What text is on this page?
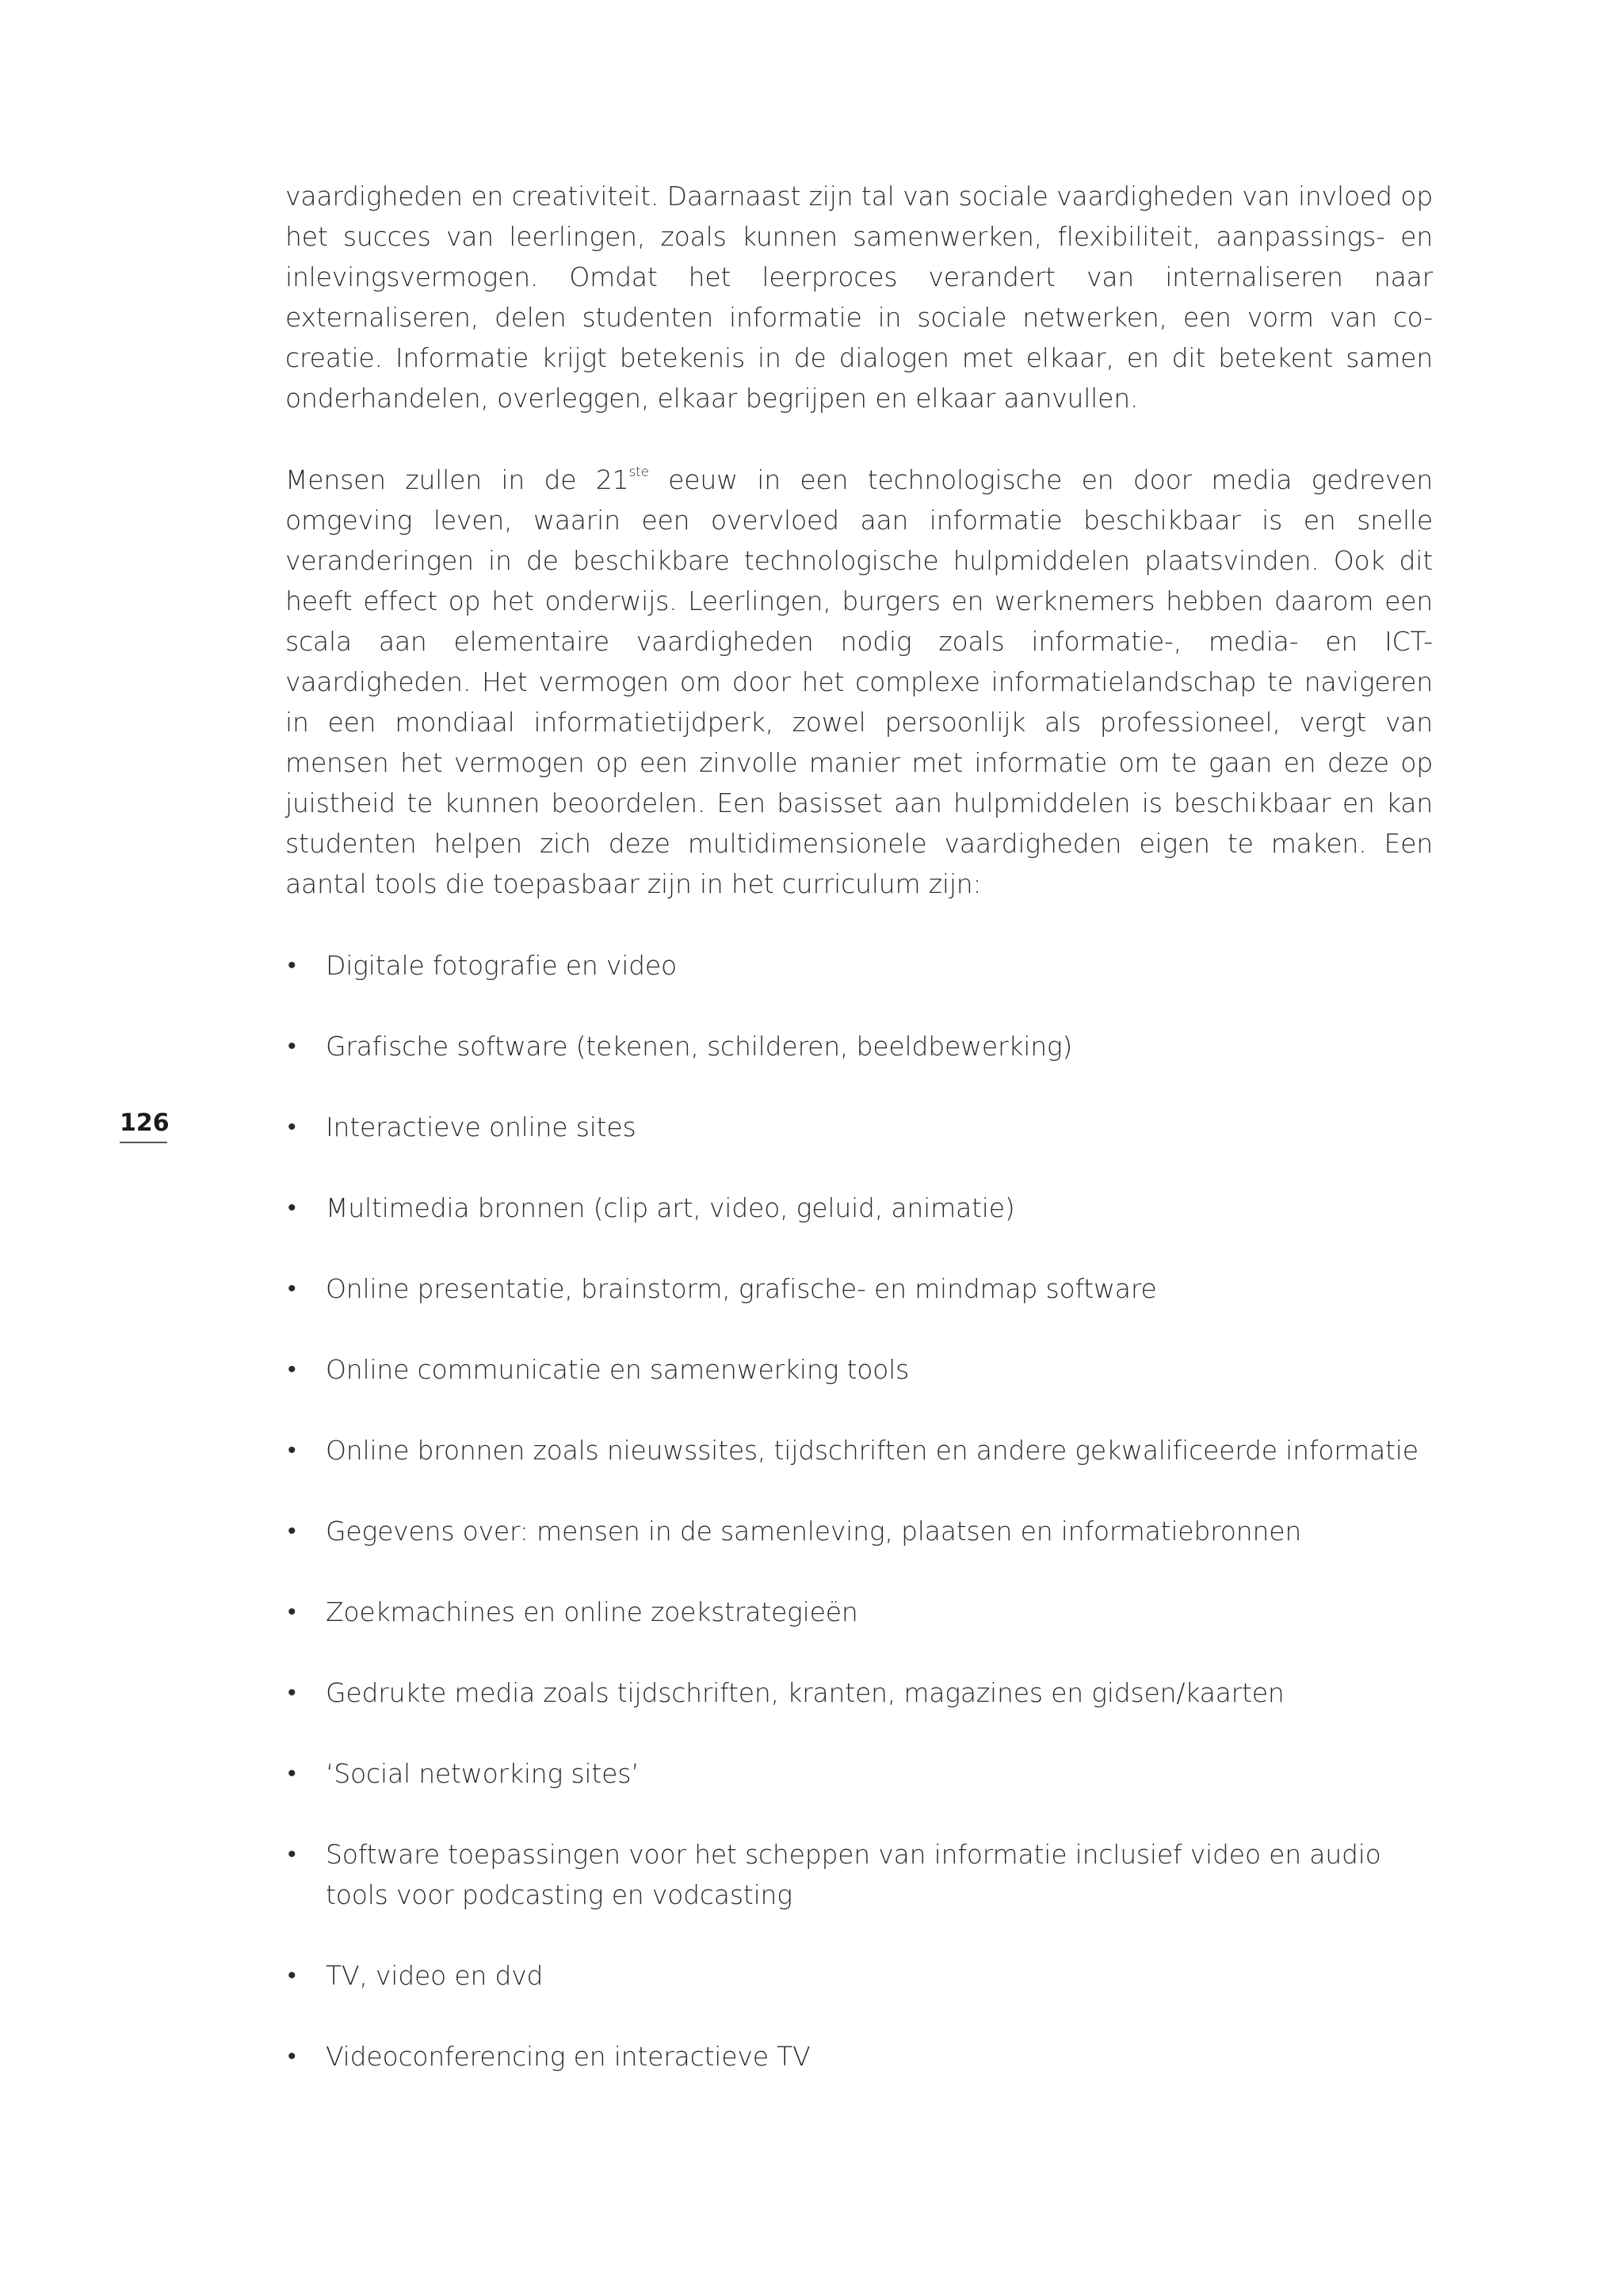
126

vaardigheden en creativiteit. Daarnaast zijn tal van sociale vaardigheden van invloed op het succes van leerlingen, zoals kunnen samenwerken, flexibiliteit, aanpassings- en inlevingsvermogen. Omdat het leerproces verandert van internaliseren naar externaliseren, delen studenten informatie in sociale netwerken, een vorm van co-creatie. Informatie krijgt betekenis in de dialogen met elkaar, en dit betekent samen onderhandelen, overleggen, elkaar begrijpen en elkaar aanvullen.

Mensen zullen in de 21ste eeuw in een technologische en door media gedreven omgeving leven, waarin een overvloed aan informatie beschikbaar is en snelle veranderingen in de beschikbare technologische hulpmiddelen plaatsvinden. Ook dit heeft effect op het onderwijs. Leerlingen, burgers en werknemers hebben daarom een scala aan elementaire vaardigheden nodig zoals informatie-, media- en ICT-vaardigheden. Het vermogen om door het complexe informatielandschap te navigeren in een mondiaal informatietijdperk, zowel persoonlijk als professioneel, vergt van mensen het vermogen op een zinvolle manier met informatie om te gaan en deze op juistheid te kunnen beoordelen. Een basisset aan hulpmiddelen is beschikbaar en kan studenten helpen zich deze multidimensionele vaardigheden eigen te maken. Een aantal tools die toepasbaar zijn in het curriculum zijn:

• Digitale fotografie en video
• Grafische software (tekenen, schilderen, beeldbewerking)
• Interactieve online sites
• Multimedia bronnen (clip art, video, geluid, animatie)
• Online presentatie, brainstorm, grafische- en mindmap software
• Online communicatie en samenwerking tools
• Online bronnen zoals nieuwssites, tijdschriften en andere gekwalificeerde informatie
• Gegevens over: mensen in de samenleving, plaatsen en informatiebronnen
• Zoekmachines en online zoekstrategieën
• Gedrukte media zoals tijdschriften, kranten, magazines en gidsen/kaarten
• ‘Social networking sites’
• Software toepassingen voor het scheppen van informatie inclusief video en audio tools voor podcasting en vodcasting
• TV, video en dvd
• Videoconferencing en interactieve TV
